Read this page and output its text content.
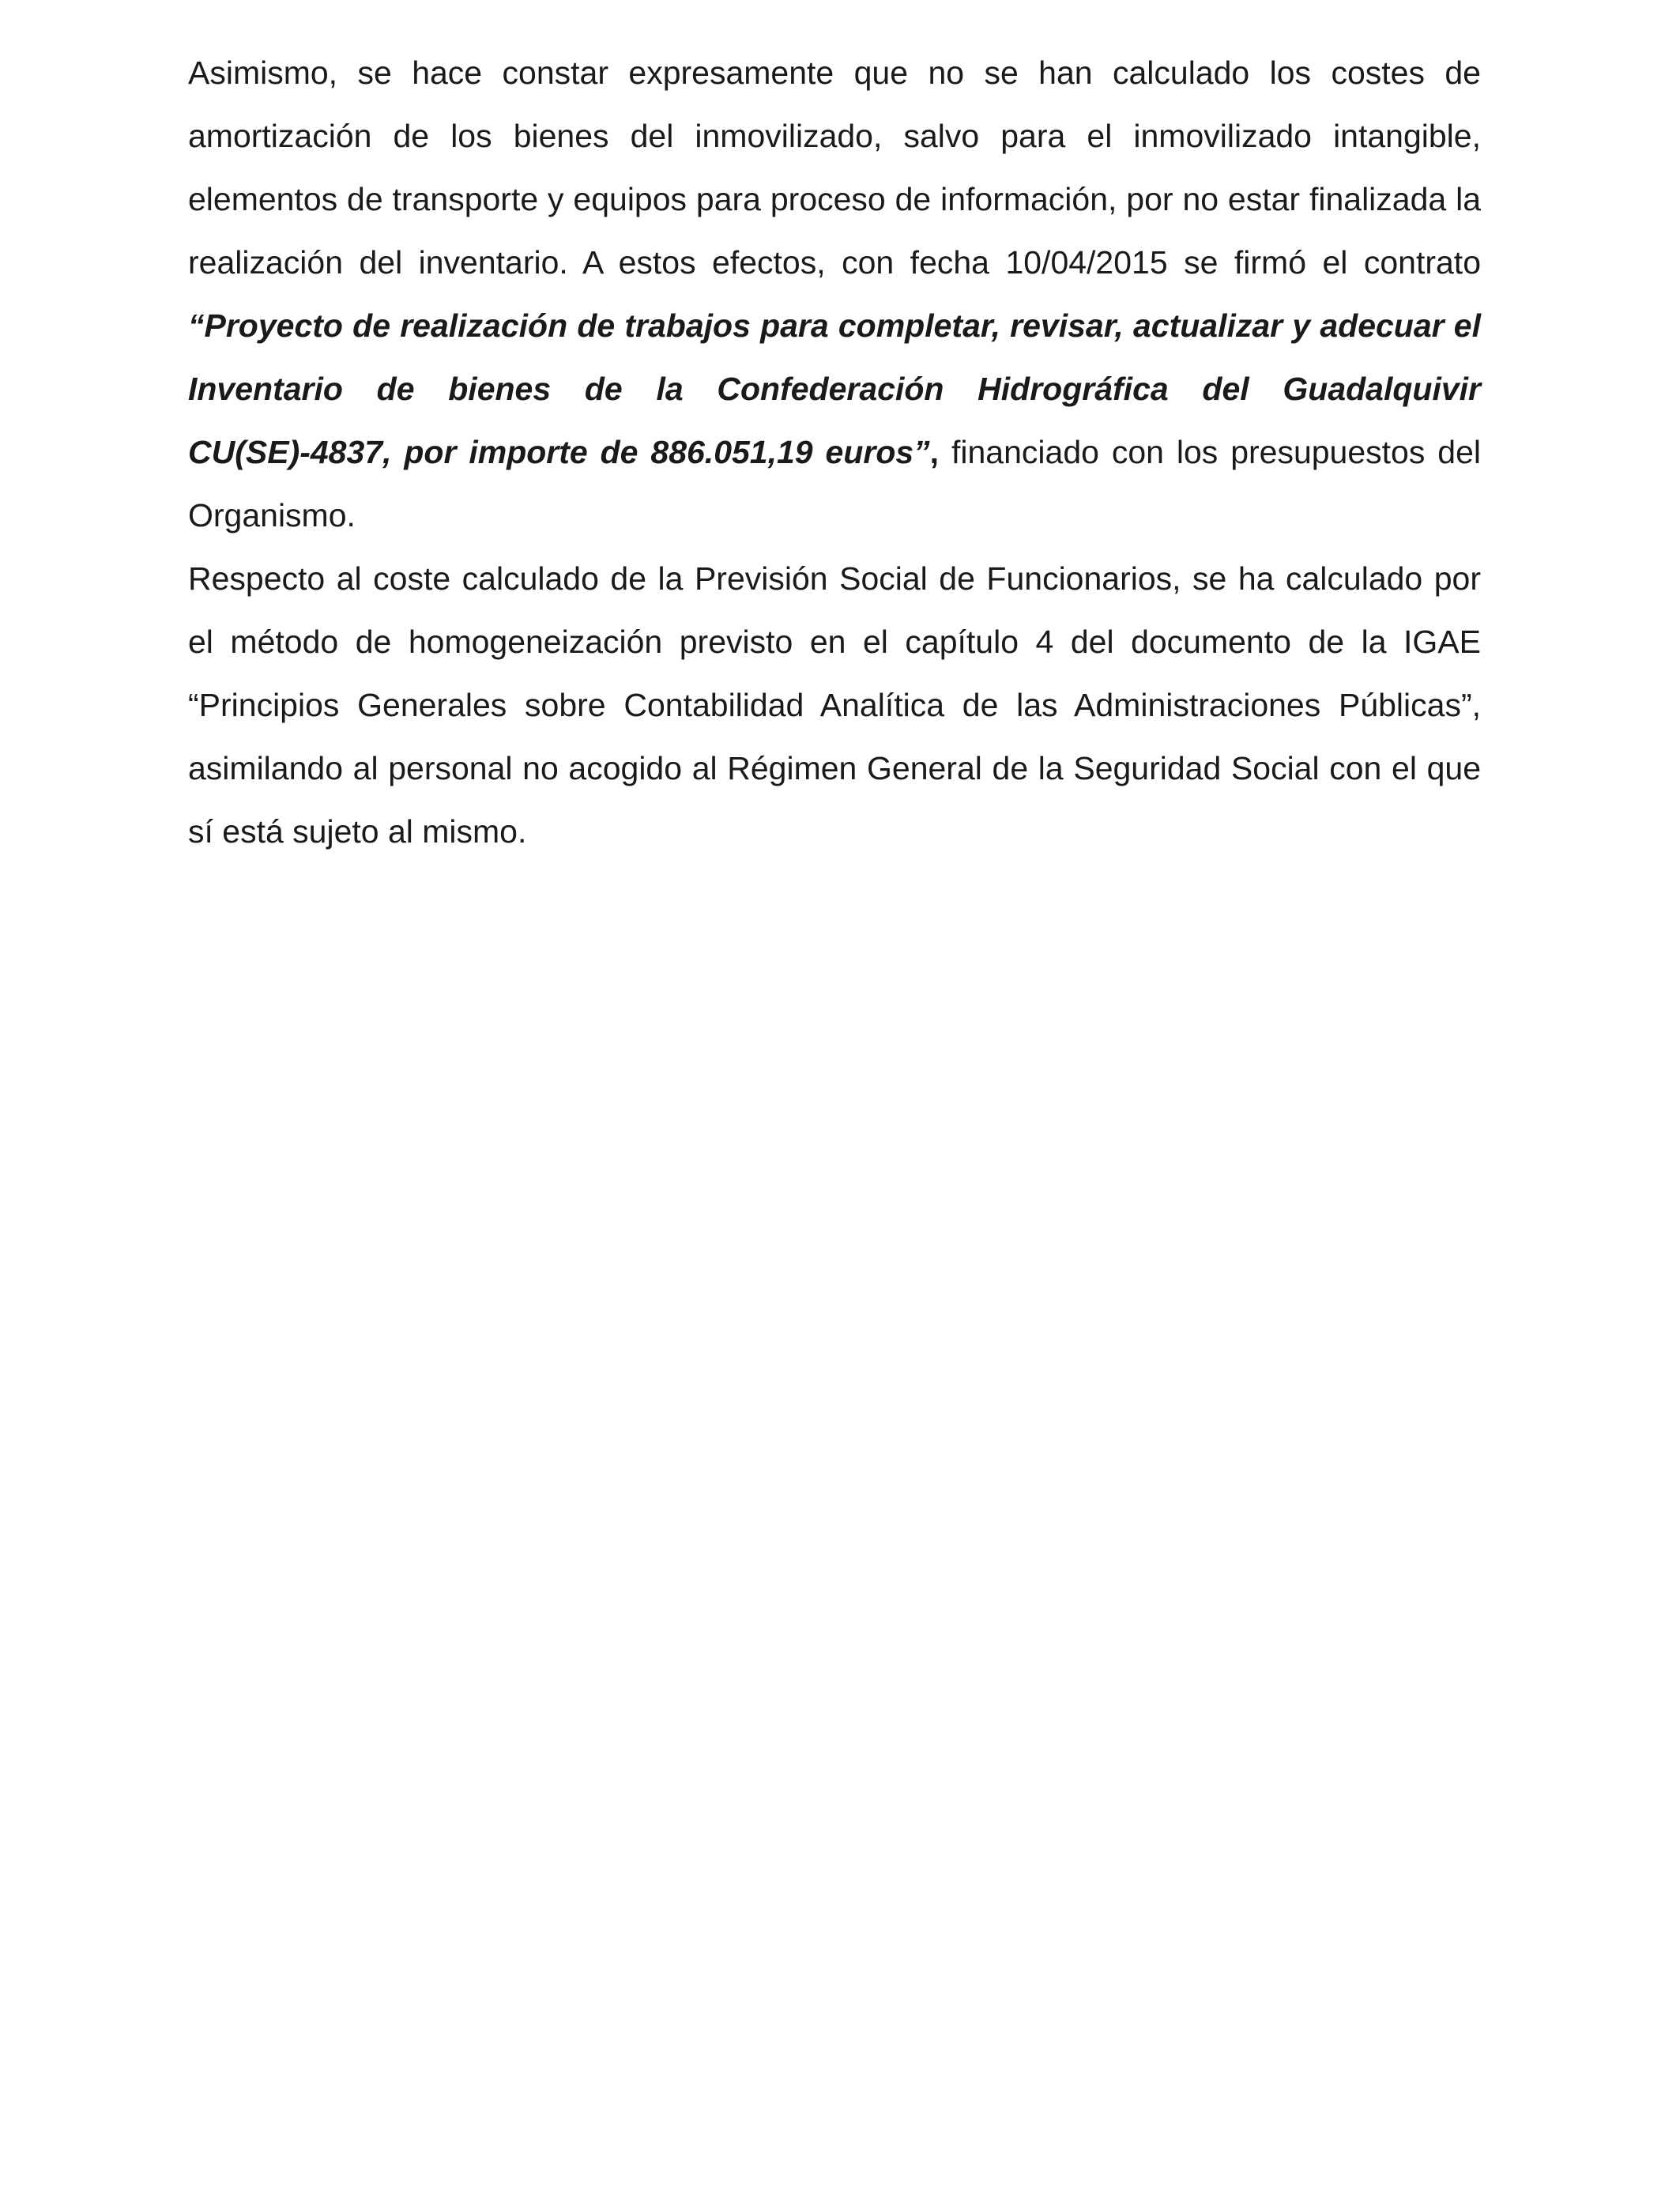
Asimismo, se hace constar expresamente que no se han calculado los costes de amortización de los bienes del inmovilizado, salvo para el inmovilizado intangible, elementos de transporte y equipos para proceso de información, por no estar finalizada la realización del inventario. A estos efectos, con fecha 10/04/2015 se firmó el contrato “Proyecto de realización de trabajos para completar, revisar, actualizar y adecuar el Inventario de bienes de la Confederación Hidrográfica del Guadalquivir CU(SE)-4837, por importe de 886.051,19 euros”, financiado con los presupuestos del Organismo.

Respecto al coste calculado de la Previsión Social de Funcionarios, se ha calculado por el método de homogeneización previsto en el capítulo 4 del documento de la IGAE “Principios Generales sobre Contabilidad Analítica de las Administraciones Públicas”, asimilando al personal no acogido al Régimen General de la Seguridad Social con el que sí está sujeto al mismo.
